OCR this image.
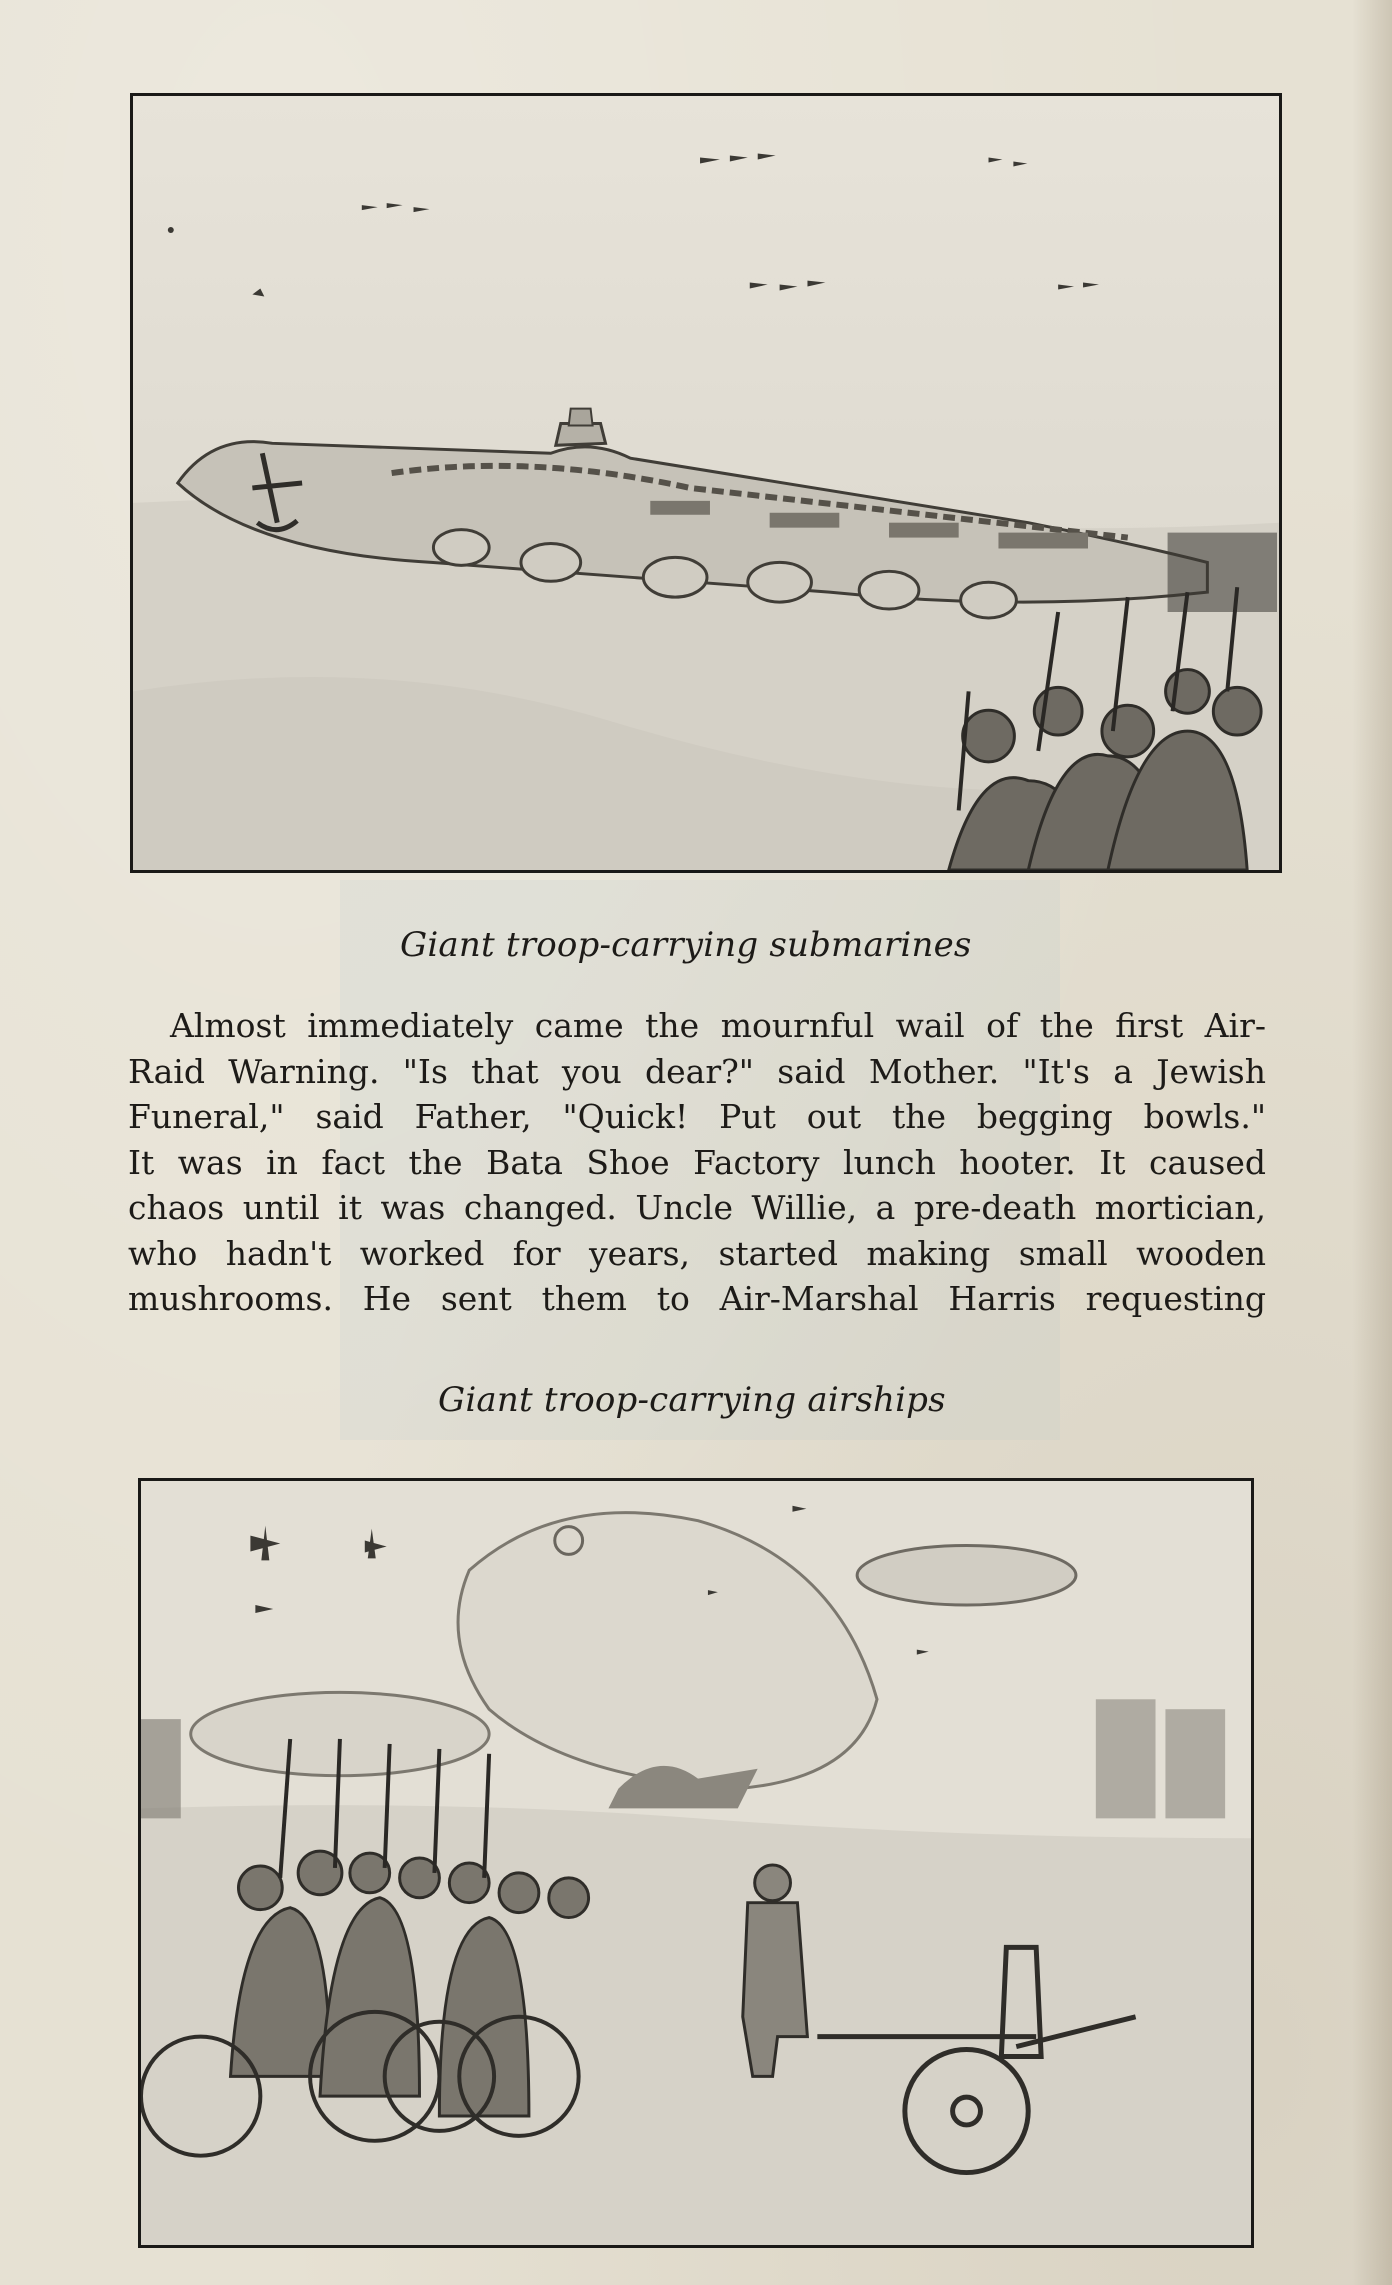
Giant troop-carrying submarines
Almost immediately came the mournful wail of the first Air-
Raid Warning. "Is that you dear?" said Mother. "It's a Jewish
Funeral," said Father, "Quick! Put out the begging bowls."
It was in fact the Bata Shoe Factory lunch hooter. It caused
chaos until it was changed. Uncle Willie, a pre-death mortician,
who hadn't worked for years, started making small wooden
mushrooms. He sent them to Air-Marshal Harris requesting
Giant troop-carrying airships
